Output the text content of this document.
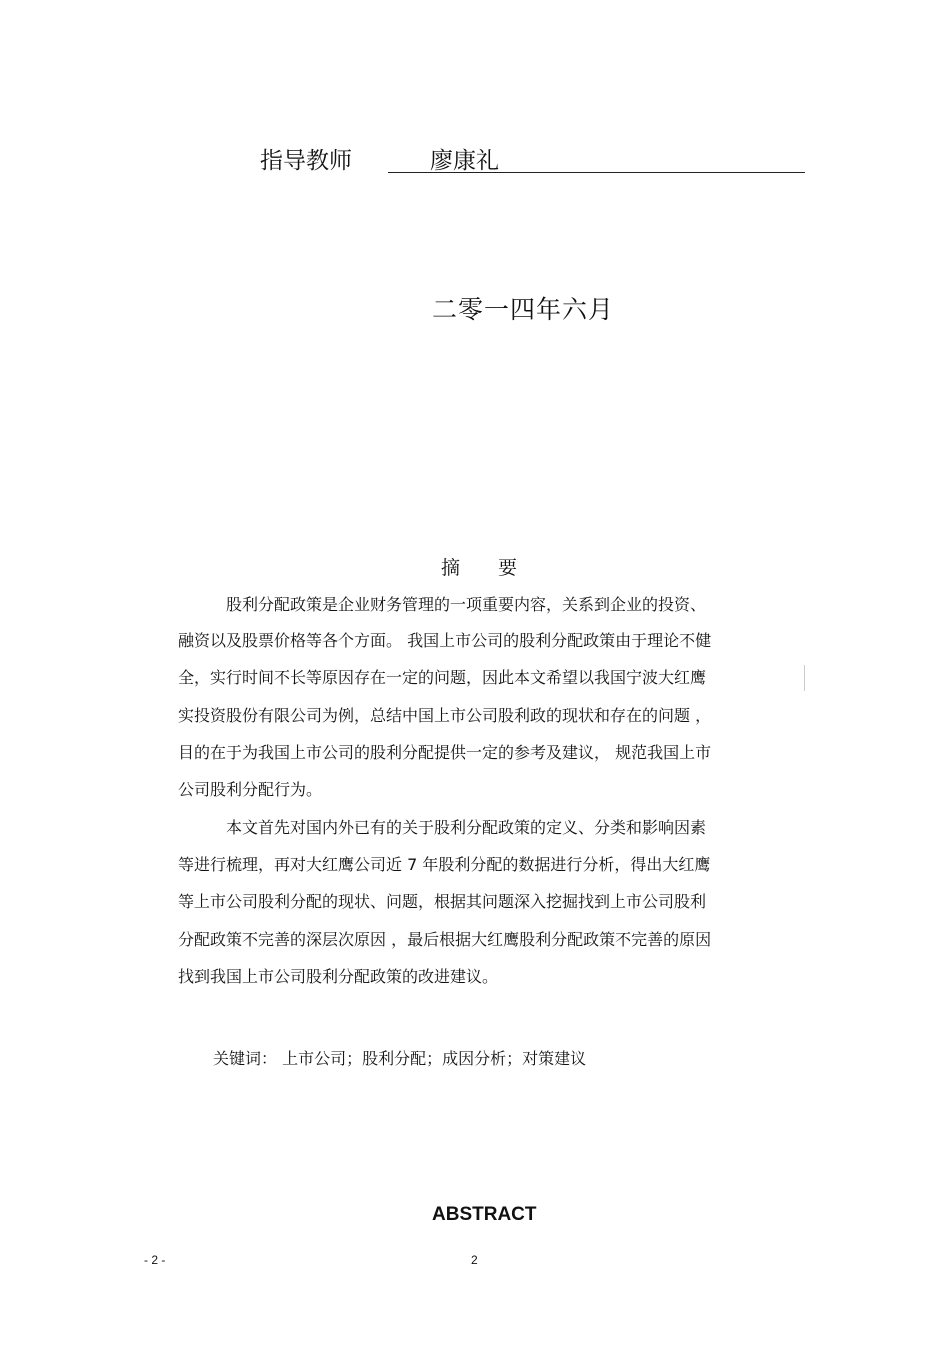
指导教师	廖康礼
二零一四年六月
摘 要
股利分配政策是企业财务管理的一项重要内容，关系到企业的投资、
融资以及股票价格等各个方面。 我国上市公司的股利分配政策由于理论不健
全，实行时间不长等原因存在一定的问题，因此本文希望以我国宁波大红鹰
实投资股份有限公司为例，总结中国上市公司股利政的现状和存在的问题 ，
目的在于为我国上市公司的股利分配提供一定的参考及建议， 规范我国上市
公司股利分配行为。
本文首先对国内外已有的关于股利分配政策的定义、分类和影响因素
等进行梳理，再对大红鹰公司近 7 年股利分配的数据进行分析，得出大红鹰
等上市公司股利分配的现状、问题，根据其问题深入挖掘找到上市公司股利
分配政策不完善的深层次原因 ，最后根据大红鹰股利分配政策不完善的原因
找到我国上市公司股利分配政策的改进建议。
关键词： 上市公司；股利分配；成因分析；对策建议
ABSTRACT
- 2 -	2
